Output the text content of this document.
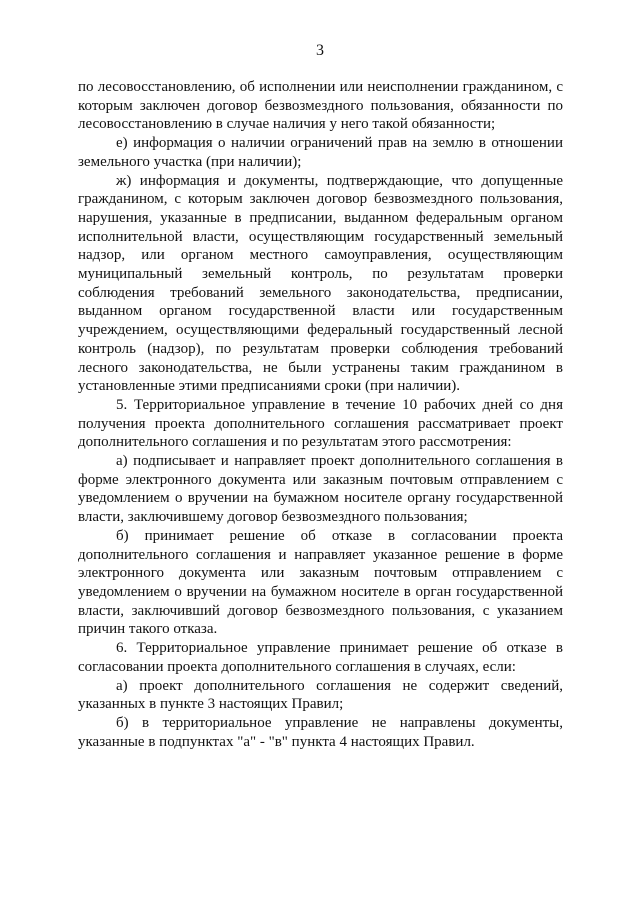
3

по лесовосстановлению, об исполнении или неисполнении гражданином, с которым заключен договор безвозмездного пользования, обязанности по лесовосстановлению в случае наличия у него такой обязанности;

е) информация о наличии ограничений прав на землю в отношении земельного участка (при наличии);

ж) информация и документы, подтверждающие, что допущенные гражданином, с которым заключен договор безвозмездного пользования, нарушения, указанные в предписании, выданном федеральным органом исполнительной власти, осуществляющим государственный земельный надзор, или органом местного самоуправления, осуществляющим муниципальный земельный контроль, по результатам проверки соблюдения требований земельного законодательства, предписании, выданном органом государственной власти или государственным учреждением, осуществляющими федеральный государственный лесной контроль (надзор), по результатам проверки соблюдения требований лесного законодательства, не были устранены таким гражданином в установленные этими предписаниями сроки (при наличии).

5. Территориальное управление в течение 10 рабочих дней со дня получения проекта дополнительного соглашения рассматривает проект дополнительного соглашения и по результатам этого рассмотрения:

а) подписывает и направляет проект дополнительного соглашения в форме электронного документа или заказным почтовым отправлением с уведомлением о вручении на бумажном носителе органу государственной власти, заключившему договор безвозмездного пользования;

б) принимает решение об отказе в согласовании проекта дополнительного соглашения и направляет указанное решение в форме электронного документа или заказным почтовым отправлением с уведомлением о вручении на бумажном носителе в орган государственной власти, заключивший договор безвозмездного пользования, с указанием причин такого отказа.

6. Территориальное управление принимает решение об отказе в согласовании проекта дополнительного соглашения в случаях, если:

а) проект дополнительного соглашения не содержит сведений, указанных в пункте 3 настоящих Правил;

б) в территориальное управление не направлены документы, указанные в подпунктах "а" - "в" пункта 4 настоящих Правил.
